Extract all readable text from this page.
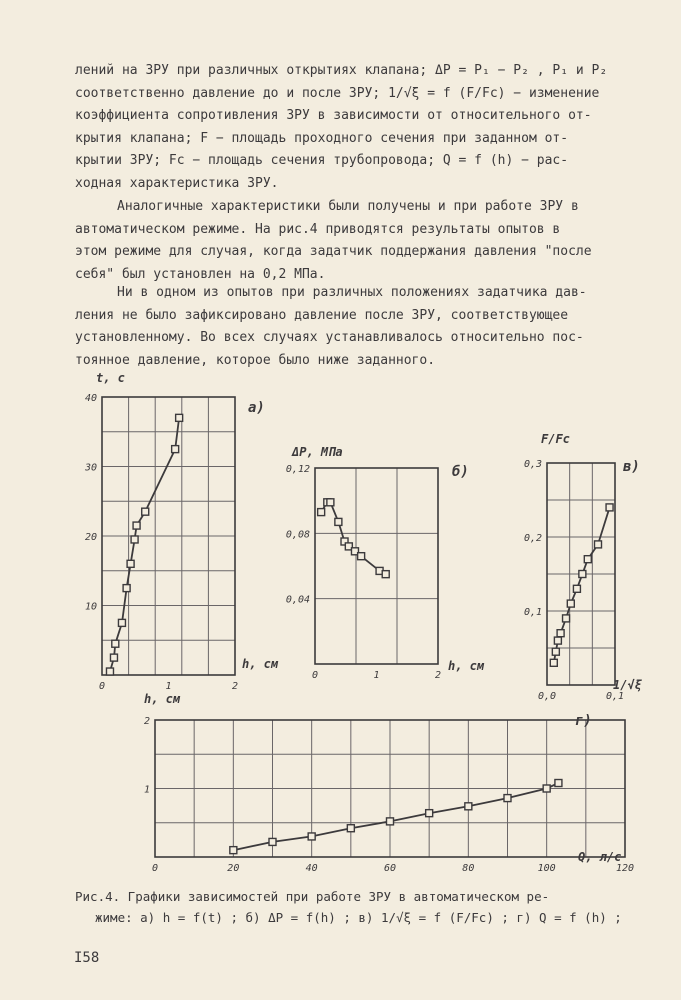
лений на ЗРУ при различных открытиях клапана; ΔP = P₁ − P₂ , P₁ и P₂

соответственно давление до и после ЗРУ; 1/√ξ = f (F/Fc) − изменение

коэффициента сопротивления ЗРУ в зависимости от относительного от-

крытия клапана; F − площадь проходного сечения при заданном от-

крытии ЗРУ; Fc − площадь сечения трубопровода; Q = f (h) − рас-

ходная характеристика ЗРУ.

Аналогичные характеристики были получены и при работе ЗРУ в

автоматическом режиме. На рис.4 приводятся результаты опытов в

этом режиме для случая, когда задатчик поддержания давления "после

себя" был установлен на 0,2 МПа.

Ни в одном из опытов при различных положениях задатчика дав-

ления не было зафиксировано давление после ЗРУ, соответствующее

установленному. Во всех случаях устанавливалось относительно пос-

тоянное давление, которое было ниже заданного.

0	1	2
10
20
30
40
h, см
t, с
a)
0	1	2
0,04
0,08
0,12
h, см
ΔP, МПа
б)
0,0	0,1
0,1
0,2
0,3
1/√ξ
F/Fc
в)
0	20	40	60	80	100	120
1
2
Q, л/с
h, см
г)

Рис.4. Графики зависимостей при работе ЗРУ в автоматическом ре-

жиме: а) h = f(t) ; б) ΔP = f(h) ; в) 1/√ξ = f (F/Fc) ; г) Q = f (h) ;

I58
